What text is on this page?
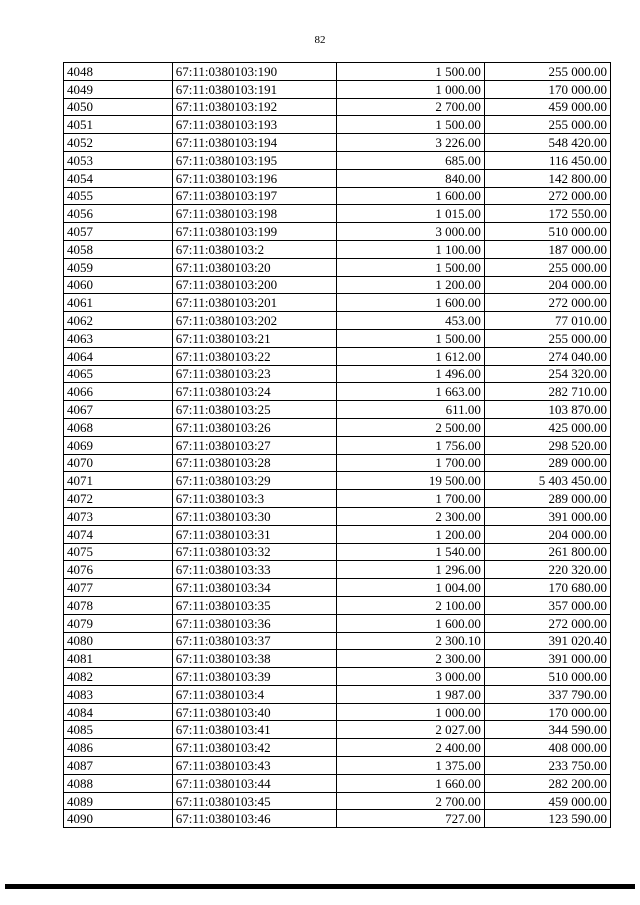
82
4048	67:11:0380103:190	1 500.00	255 000.00
4049	67:11:0380103:191	1 000.00	170 000.00
4050	67:11:0380103:192	2 700.00	459 000.00
4051	67:11:0380103:193	1 500.00	255 000.00
4052	67:11:0380103:194	3 226.00	548 420.00
4053	67:11:0380103:195	685.00	116 450.00
4054	67:11:0380103:196	840.00	142 800.00
4055	67:11:0380103:197	1 600.00	272 000.00
4056	67:11:0380103:198	1 015.00	172 550.00
4057	67:11:0380103:199	3 000.00	510 000.00
4058	67:11:0380103:2	1 100.00	187 000.00
4059	67:11:0380103:20	1 500.00	255 000.00
4060	67:11:0380103:200	1 200.00	204 000.00
4061	67:11:0380103:201	1 600.00	272 000.00
4062	67:11:0380103:202	453.00	77 010.00
4063	67:11:0380103:21	1 500.00	255 000.00
4064	67:11:0380103:22	1 612.00	274 040.00
4065	67:11:0380103:23	1 496.00	254 320.00
4066	67:11:0380103:24	1 663.00	282 710.00
4067	67:11:0380103:25	611.00	103 870.00
4068	67:11:0380103:26	2 500.00	425 000.00
4069	67:11:0380103:27	1 756.00	298 520.00
4070	67:11:0380103:28	1 700.00	289 000.00
4071	67:11:0380103:29	19 500.00	5 403 450.00
4072	67:11:0380103:3	1 700.00	289 000.00
4073	67:11:0380103:30	2 300.00	391 000.00
4074	67:11:0380103:31	1 200.00	204 000.00
4075	67:11:0380103:32	1 540.00	261 800.00
4076	67:11:0380103:33	1 296.00	220 320.00
4077	67:11:0380103:34	1 004.00	170 680.00
4078	67:11:0380103:35	2 100.00	357 000.00
4079	67:11:0380103:36	1 600.00	272 000.00
4080	67:11:0380103:37	2 300.10	391 020.40
4081	67:11:0380103:38	2 300.00	391 000.00
4082	67:11:0380103:39	3 000.00	510 000.00
4083	67:11:0380103:4	1 987.00	337 790.00
4084	67:11:0380103:40	1 000.00	170 000.00
4085	67:11:0380103:41	2 027.00	344 590.00
4086	67:11:0380103:42	2 400.00	408 000.00
4087	67:11:0380103:43	1 375.00	233 750.00
4088	67:11:0380103:44	1 660.00	282 200.00
4089	67:11:0380103:45	2 700.00	459 000.00
4090	67:11:0380103:46	727.00	123 590.00
